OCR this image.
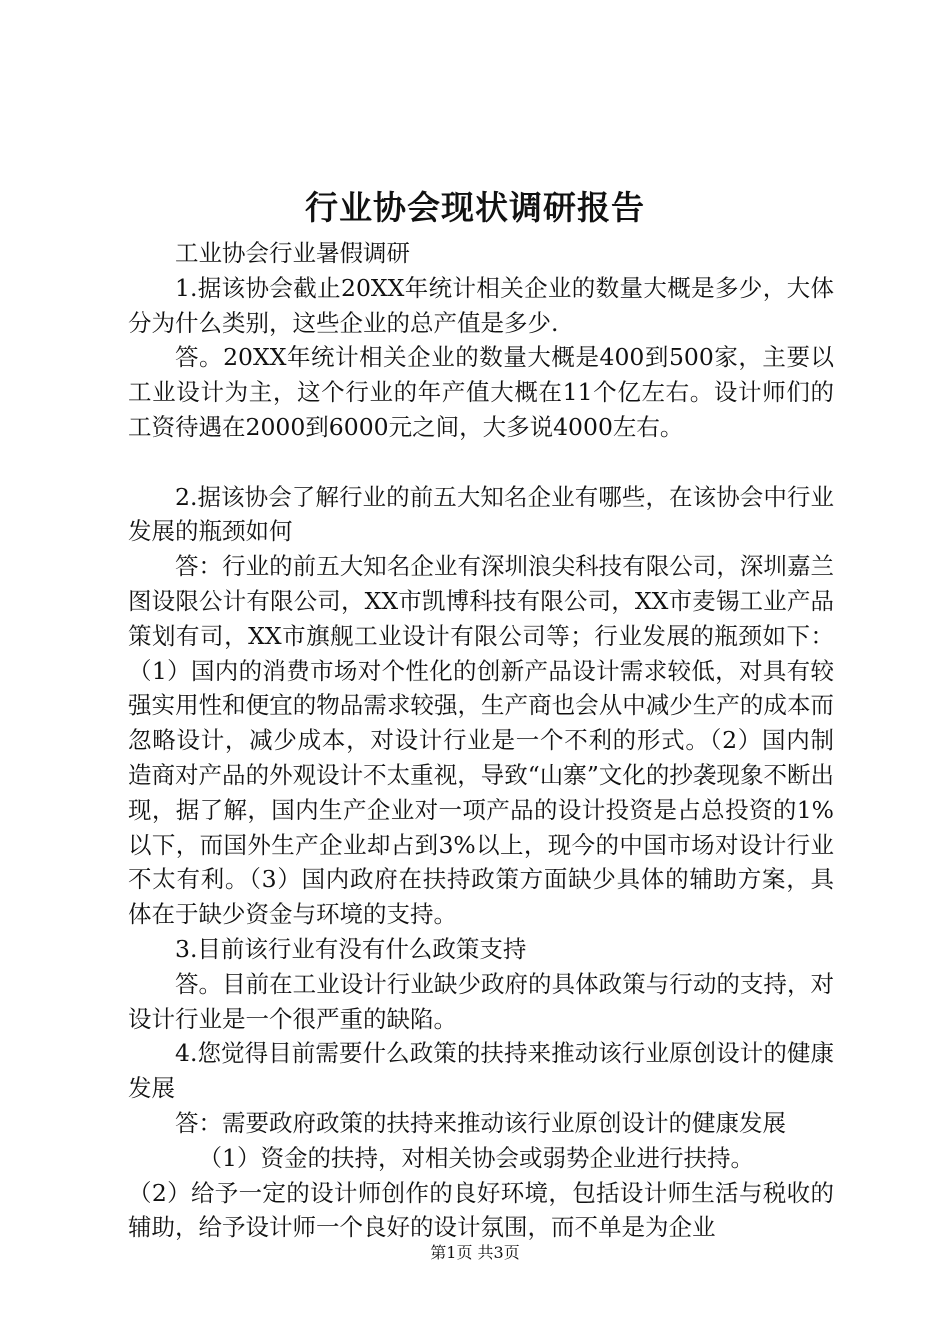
行业协会现状调研报告

工业协会行业暑假调研

1.据该协会截止20XX年统计相关企业的数量大概是多少，大体分为什么类别，这些企业的总产值是多少.

答。20XX年统计相关企业的数量大概是400到500家，主要以工业设计为主，这个行业的年产值大概在11个亿左右。设计师们的工资待遇在2000到6000元之间，大多说4000左右。

2.据该协会了解行业的前五大知名企业有哪些，在该协会中行业发展的瓶颈如何

答：行业的前五大知名企业有深圳浪尖科技有限公司，深圳嘉兰图设限公计有限公司，XX市凯博科技有限公司，XX市麦锡工业产品策划有司，XX市旗舰工业设计有限公司等；行业发展的瓶颈如下：（1）国内的消费市场对个性化的创新产品设计需求较低，对具有较强实用性和便宜的物品需求较强，生产商也会从中减少生产的成本而忽略设计，减少成本，对设计行业是一个不利的形式。（2）国内制造商对产品的外观设计不太重视，导致“山寨”文化的抄袭现象不断出现，据了解，国内生产企业对一项产品的设计投资是占总投资的1%以下，而国外生产企业却占到3%以上，现今的中国市场对设计行业不太有利。（3）国内政府在扶持政策方面缺少具体的辅助方案，具体在于缺少资金与环境的支持。

3.目前该行业有没有什么政策支持

答。目前在工业设计行业缺少政府的具体政策与行动的支持，对设计行业是一个很严重的缺陷。

4.您觉得目前需要什么政策的扶持来推动该行业原创设计的健康发展

答：需要政府政策的扶持来推动该行业原创设计的健康发展

（1）资金的扶持，对相关协会或弱势企业进行扶持。

（2）给予一定的设计师创作的良好环境，包括设计师生活与税收的辅助，给予设计师一个良好的设计氛围，而不单是为企业

第1页 共3页
